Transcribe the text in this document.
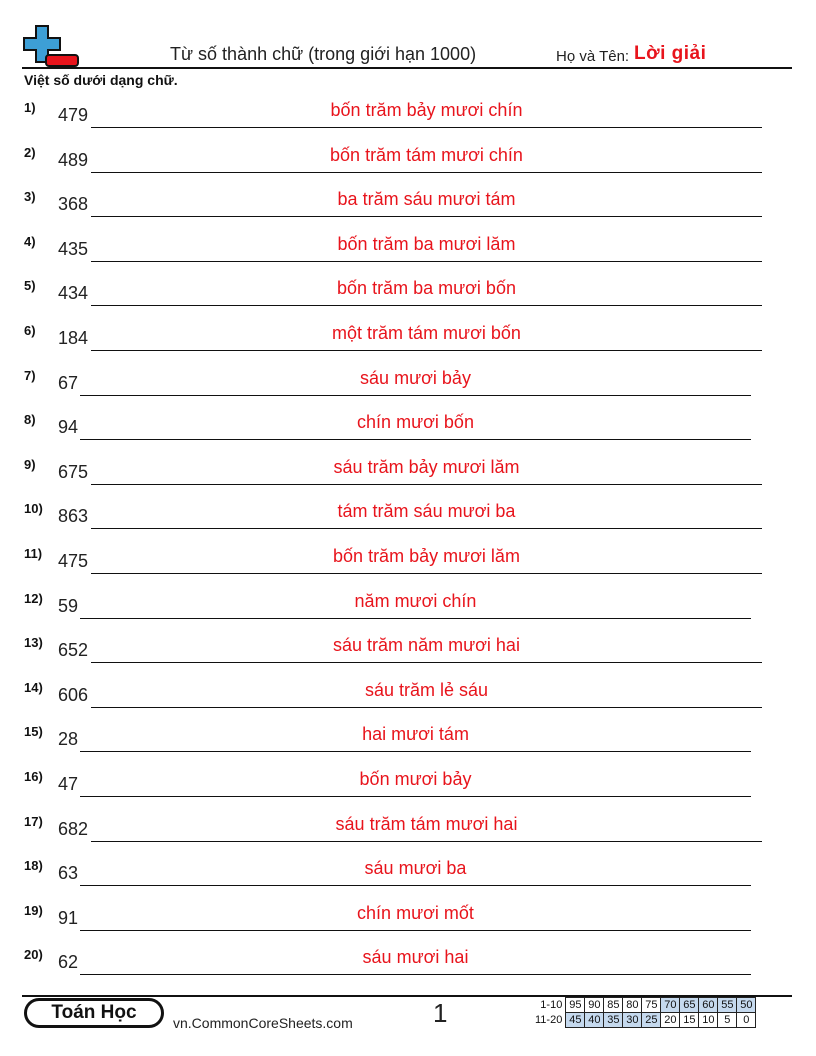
Từ số thành chữ (trong giới hạn 1000)	Họ và Tên: Lời giải
Việt số dưới dạng chữ.
1)	479	bốn trăm bảy mươi chín
2)	489	bốn trăm tám mươi chín
3)	368	ba trăm sáu mươi tám
4)	435	bốn trăm ba mươi lăm
5)	434	bốn trăm ba mươi bốn
6)	184	một trăm tám mươi bốn
7)	67	sáu mươi bảy
8)	94	chín mươi bốn
9)	675	sáu trăm bảy mươi lăm
10) 863	tám trăm sáu mươi ba
11) 475	bốn trăm bảy mươi lăm
12) 59	năm mươi chín
13) 652	sáu trăm năm mươi hai
14) 606	sáu trăm lẻ sáu
15) 28	hai mươi tám
16) 47	bốn mươi bảy
17) 682	sáu trăm tám mươi hai
18) 63	sáu mươi ba
19) 91	chín mươi mốt
20) 62	sáu mươi hai
Toán Học	vn.CommonCoreSheets.com	1	1-10	95	90	85	80	75	70	65	60	55	50
11-20	45	40	35	30	25	20	15	10	5	0
